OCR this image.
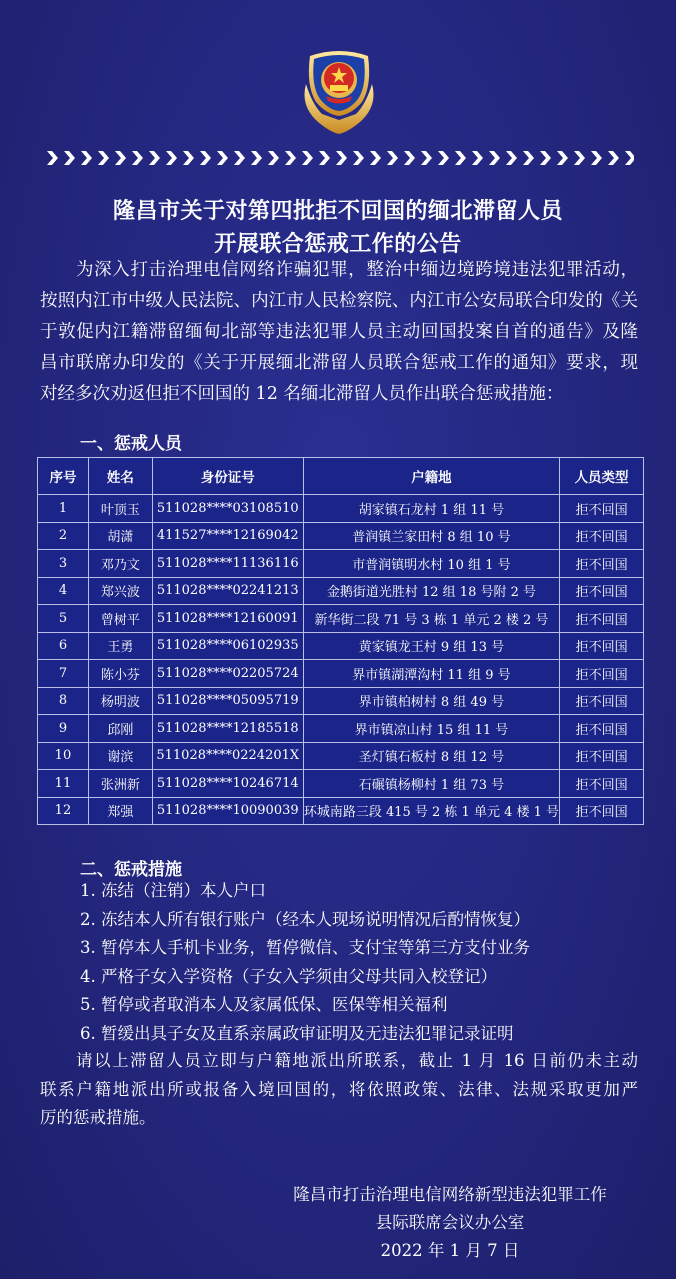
隆昌市关于对第四批拒不回国的缅北滞留人员
开展联合惩戒工作的公告
为深入打击治理电信网络诈骗犯罪，整治中缅边境跨境违法犯罪活动，
按照内江市中级人民法院、内江市人民检察院、内江市公安局联合印发的《关
于敦促内江籍滞留缅甸北部等违法犯罪人员主动回国投案自首的通告》及隆
昌市联席办印发的《关于开展缅北滞留人员联合惩戒工作的通知》要求，现
对经多次劝返但拒不回国的 12 名缅北滞留人员作出联合惩戒措施：
一、惩戒人员
序号	姓名	身份证号	户籍地	人员类型
1	叶顶玉	511028****03108510	胡家镇石龙村 1 组 11 号	拒不回国
2	胡潇	411527****12169042	普润镇兰家田村 8 组 10 号	拒不回国
3	邓乃文	511028****11136116	市普润镇明水村 10 组 1 号	拒不回国
4	郑兴波	511028****02241213	金鹅街道光胜村 12 组 18 号附 2 号	拒不回国
5	曾树平	511028****12160091	新华街二段 71 号 3 栋 1 单元 2 楼 2 号	拒不回国
6	王勇	511028****06102935	黄家镇龙王村 9 组 13 号	拒不回国
7	陈小芬	511028****02205724	界市镇湖潭沟村 11 组 9 号	拒不回国
8	杨明波	511028****05095719	界市镇柏树村 8 组 49 号	拒不回国
9	邱刚	511028****12185518	界市镇凉山村 15 组 11 号	拒不回国
10	谢滨	511028****0224201X	圣灯镇石板村 8 组 12 号	拒不回国
11	张洲新	511028****10246714	石碾镇杨柳村 1 组 73 号	拒不回国
12	郑强	511028****10090039	环城南路三段 415 号 2 栋 1 单元 4 楼 1 号	拒不回国
二、惩戒措施
1. 冻结（注销）本人户口
2. 冻结本人所有银行账户（经本人现场说明情况后酌情恢复）
3. 暂停本人手机卡业务，暂停微信、支付宝等第三方支付业务
4. 严格子女入学资格（子女入学须由父母共同入校登记）
5. 暂停或者取消本人及家属低保、医保等相关福利
6. 暂缓出具子女及直系亲属政审证明及无违法犯罪记录证明
　　请以上滞留人员立即与户籍地派出所联系，截止 1 月 16 日前仍未主动
联系户籍地派出所或报备入境回国的，将依照政策、法律、法规采取更加严
厉的惩戒措施。
隆昌市打击治理电信网络新型违法犯罪工作
县际联席会议办公室
2022 年 1 月 7 日
